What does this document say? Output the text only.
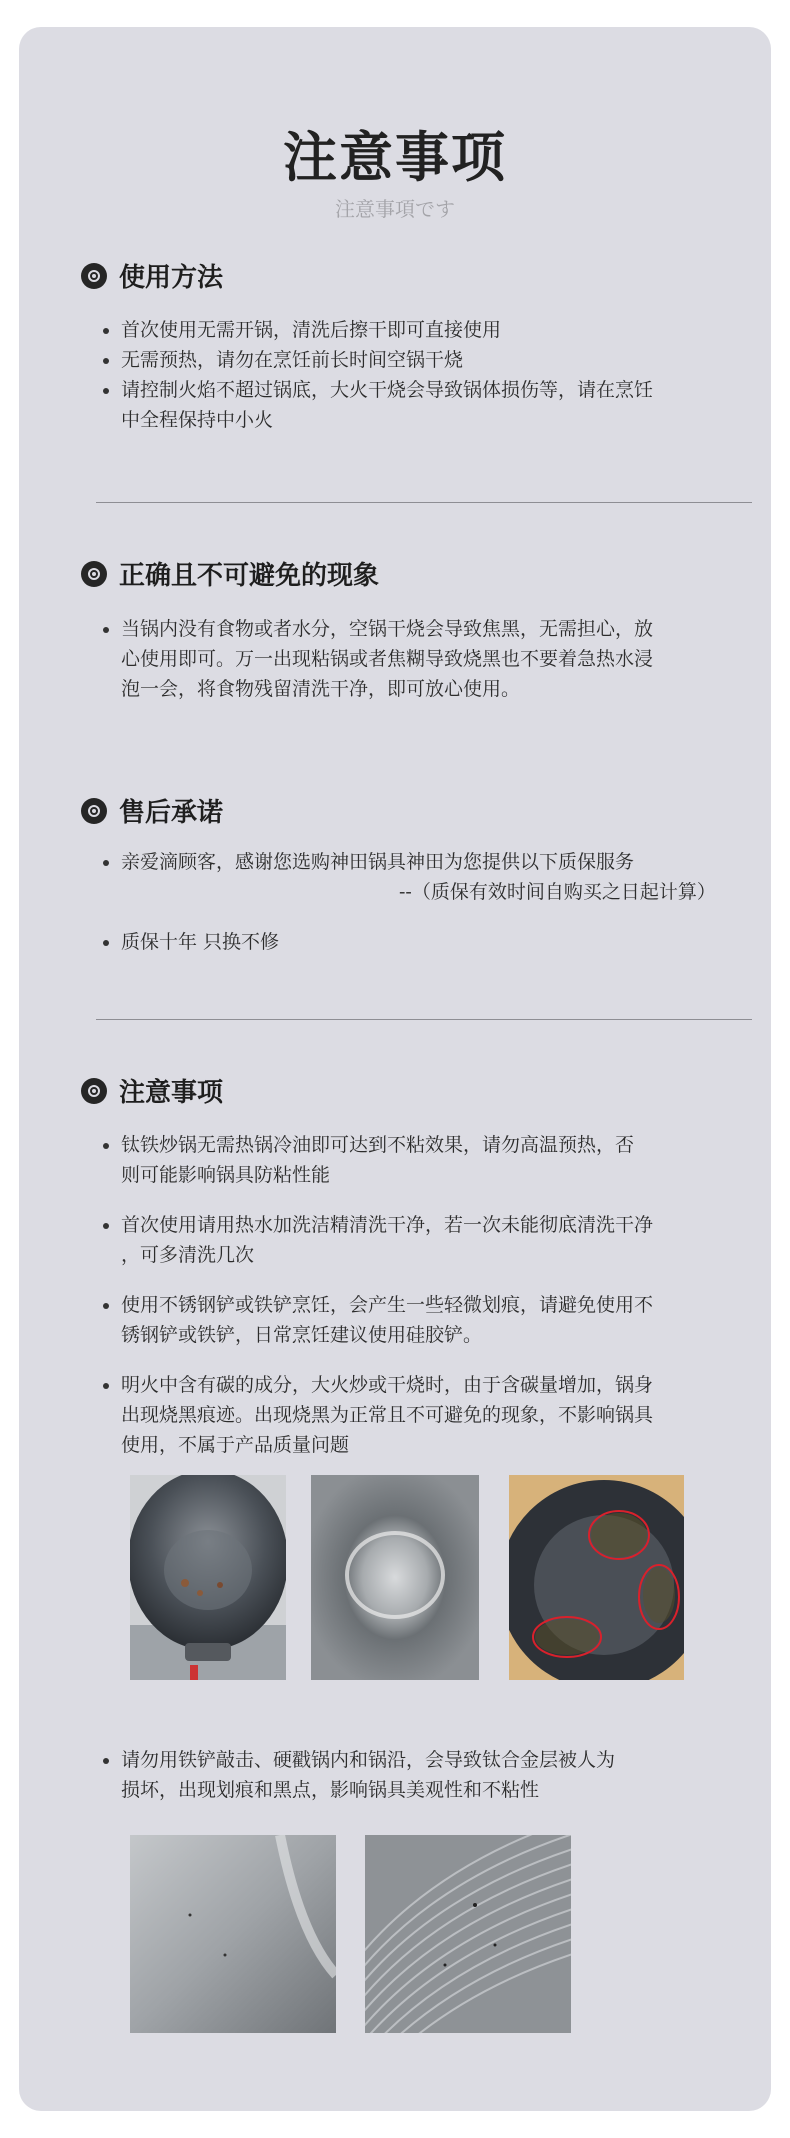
注意事项
注意事項です
使用方法
首次使用无需开锅，清洗后擦干即可直接使用
无需预热，请勿在烹饪前长时间空锅干烧
请控制火焰不超过锅底，大火干烧会导致锅体损伤等，请在烹饪
中全程保持中小火
正确且不可避免的现象
当锅内没有食物或者水分，空锅干烧会导致焦黑，无需担心，放
心使用即可。万一出现粘锅或者焦糊导致烧黑也不要着急热水浸
泡一会，将食物残留清洗干净，即可放心使用。
售后承诺
亲爱滴顾客，感谢您选购神田锅具神田为您提供以下质保服务
--（质保有效时间自购买之日起计算）
质保十年 只换不修
注意事项
钛铁炒锅无需热锅冷油即可达到不粘效果，请勿高温预热，否
则可能影响锅具防粘性能
首次使用请用热水加洗洁精清洗干净，若一次未能彻底清洗干净
，可多清洗几次
使用不锈钢铲或铁铲烹饪，会产生一些轻微划痕，请避免使用不
锈钢铲或铁铲，日常烹饪建议使用硅胶铲。
明火中含有碳的成分，大火炒或干烧时，由于含碳量增加，锅身
出现烧黑痕迹。出现烧黑为正常且不可避免的现象，不影响锅具
使用，不属于产品质量问题
请勿用铁铲敲击、硬戳锅内和锅沿，会导致钛合金层被人为
损坏，出现划痕和黑点，影响锅具美观性和不粘性
